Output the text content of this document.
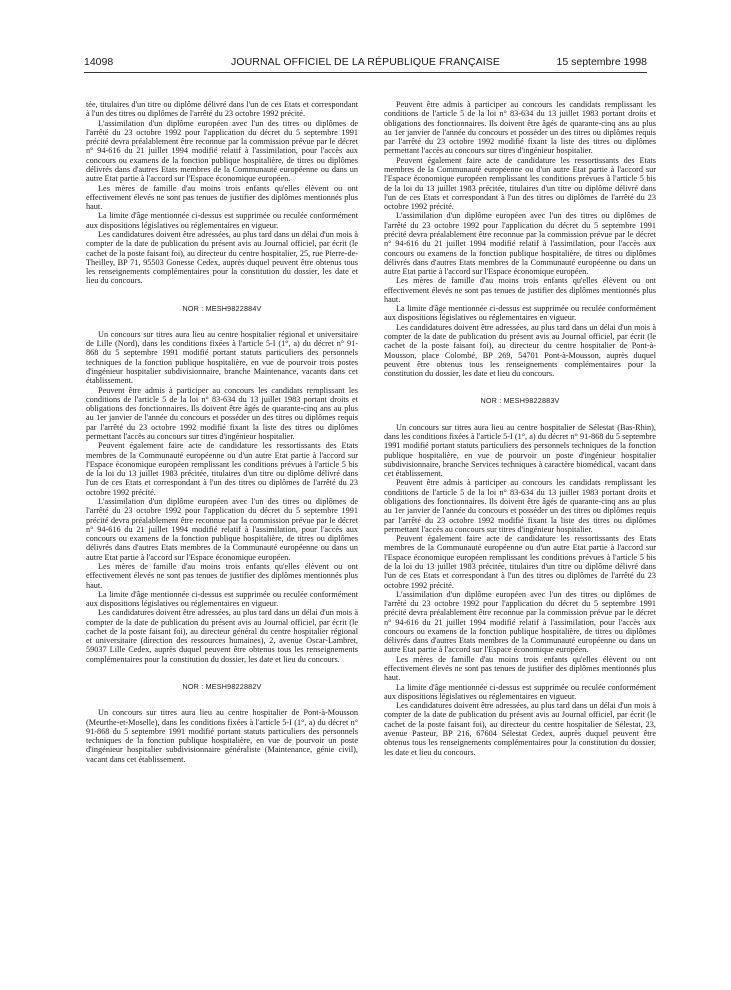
14098	JOURNAL OFFICIEL DE LA RÉPUBLIQUE FRANÇAISE	15 septembre 1998

tée, titulaires d'un titre ou diplôme délivré dans l'un de ces Etats et correspondant à l'un des titres ou diplômes de l'arrêté du 23 octobre 1992 précité.

L'assimilation d'un diplôme européen avec l'un des titres ou diplômes de l'arrêté du 23 octobre 1992 pour l'application du décret du 5 septembre 1991 précité devra préalablement être reconnue par la commission prévue par le décret n° 94-616 du 21 juillet 1994 modifié relatif à l'assimilation, pour l'accès aux concours ou examens de la fonction publique hospitalière, de titres ou diplômes délivrés dans d'autres Etats membres de la Communauté européenne ou dans un autre Etat partie à l'accord sur l'Espace économique européen.

Les mères de famille d'au moins trois enfants qu'elles élèvent ou ont effectivement élevés ne sont pas tenues de justifier des diplômes mentionnés plus haut.

La limite d'âge mentionnée ci-dessus est supprimée ou reculée conformément aux dispositions législatives ou réglementaires en vigueur.

Les candidatures doivent être adressées, au plus tard dans un délai d'un mois à compter de la date de publication du présent avis au Journal officiel, par écrit (le cachet de la poste faisant foi), au directeur du centre hospitalier, 25, rue Pierre-de-Theilley, BP 71, 95503 Gonesse Cedex, auprès duquel peuvent être obtenus tous les renseignements complémentaires pour la constitution du dossier, les date et lieu du concours.

NOR : MESH9822884V

Un concours sur titres aura lieu au centre hospitalier régional et universitaire de Lille (Nord), dans les conditions fixées à l'article 5-I (1°, a) du décret n° 91-868 du 5 septembre 1991 modifié portant statuts particuliers des personnels techniques de la fonction publique hospitalière, en vue de pourvoir trois postes d'ingénieur hospitalier subdivisionnaire, branche Maintenance, vacants dans cet établissement.

Peuvent être admis à participer au concours les candidats remplissant les conditions de l'article 5 de la loi n° 83-634 du 13 juillet 1983 portant droits et obligations des fonctionnaires. Ils doivent être âgés de quarante-cinq ans au plus au 1er janvier de l'année du concours et posséder un des titres ou diplômes requis par l'arrêté du 23 octobre 1992 modifié fixant la liste des titres ou diplômes permettant l'accès au concours sur titres d'ingénieur hospitalier.

Peuvent également faire acte de candidature les ressortissants des Etats membres de la Communauté européenne ou d'un autre Etat partie à l'accord sur l'Espace économique européen remplissant les conditions prévues à l'article 5 bis de la loi du 13 juillet 1983 précitée, titulaires d'un titre ou diplôme délivré dans l'un de ces Etats et correspondant à l'un des titres ou diplômes de l'arrêté du 23 octobre 1992 précité.

L'assimilation d'un diplôme européen avec l'un des titres ou diplômes de l'arrêté du 23 octobre 1992 pour l'application du décret du 5 septembre 1991 précité devra préalablement être reconnue par la commission prévue par le décret n° 94-616 du 21 juillet 1994 modifié relatif à l'assimilation, pour l'accès aux concours ou examens de la fonction publique hospitalière, de titres ou diplômes délivrés dans d'autres Etats membres de la Communauté européenne ou dans un autre Etat partie à l'accord sur l'Espace économique européen.

Les mères de famille d'au moins trois enfants qu'elles élèvent ou ont effectivement élevés ne sont pas tenues de justifier des diplômes mentionnés plus haut.

La limite d'âge mentionnée ci-dessus est supprimée ou reculée conformément aux dispositions législatives ou réglementaires en vigueur.

Les candidatures doivent être adressées, au plus tard dans un délai d'un mois à compter de la date de publication du présent avis au Journal officiel, par écrit (le cachet de la poste faisant foi), au directeur général du centre hospitalier régional et universitaire (direction des ressources humaines), 2, avenue Oscar-Lambret, 59037 Lille Cedex, auprès duquel peuvent être obtenus tous les renseignements complémentaires pour la constitution du dossier, les date et lieu du concours.

NOR : MESH9822882V

Un concours sur titres aura lieu au centre hospitalier de Pont-à-Mousson (Meurthe-et-Moselle), dans les conditions fixées à l'article 5-I (1°, a) du décret n° 91-868 du 5 septembre 1991 modifié portant statuts particuliers des personnels techniques de la fonction publique hospitalière, en vue de pourvoir un poste d'ingénieur hospitalier subdivisionnaire généraliste (Maintenance, génie civil), vacant dans cet établissement.

Peuvent être admis à participer au concours les candidats remplissant les conditions de l'article 5 de la loi n° 83-634 du 13 juillet 1983 portant droits et obligations des fonctionnaires. Ils doivent être âgés de quarante-cinq ans au plus au 1er janvier de l'année du concours et posséder un des titres ou diplômes requis par l'arrêté du 23 octobre 1992 modifié fixant la liste des titres ou diplômes permettant l'accès au concours sur titres d'ingénieur hospitalier.

Peuvent également faire acte de candidature les ressortissants des Etats membres de la Communauté européenne ou d'un autre Etat partie à l'accord sur l'Espace économique européen remplissant les conditions prévues à l'article 5 bis de la loi du 13 juillet 1983 précitée, titulaires d'un titre ou diplôme délivré dans l'un de ces Etats et correspondant à l'un des titres ou diplômes de l'arrêté du 23 octobre 1992 précité.

L'assimilation d'un diplôme européen avec l'un des titres ou diplômes de l'arrêté du 23 octobre 1992 pour l'application du décret du 5 septembre 1991 précité devra préalablement être reconnue par la commission prévue par le décret n° 94-616 du 21 juillet 1994 modifié relatif à l'assimilation, pour l'accès aux concours ou examens de la fonction publique hospitalière, de titres ou diplômes délivrés dans d'autres Etats membres de la Communauté européenne ou dans un autre Etat partie à l'accord sur l'Espace économique européen.

Les mères de famille d'au moins trois enfants qu'elles élèvent ou ont effectivement élevés ne sont pas tenues de justifier des diplômes mentionnés plus haut.

La limite d'âge mentionnée ci-dessus est supprimée ou reculée conformément aux dispositions législatives ou réglementaires en vigueur.

Les candidatures doivent être adressées, au plus tard dans un délai d'un mois à compter de la date de publication du présent avis au Journal officiel, par écrit (le cachet de la poste faisant foi), au directeur du centre hospitalier de Pont-à-Mousson, place Colombé, BP 269, 54701 Pont-à-Mousson, auprès duquel peuvent être obtenus tous les renseignements complémentaires pour la constitution du dossier, les date et lieu du concours.

NOR : MESH9822883V

Un concours sur titres aura lieu au centre hospitalier de Sélestat (Bas-Rhin), dans les conditions fixées à l'article 5-I (1°, a) du décret n° 91-868 du 5 septembre 1991 modifié portant statuts particuliers des personnels techniques de la fonction publique hospitalière, en vue de pourvoir un poste d'ingénieur hospitalier subdivisionnaire, branche Services techniques à caractère biomédical, vacant dans cet établissement.

Peuvent être admis à participer au concours les candidats remplissant les conditions de l'article 5 de la loi n° 83-634 du 13 juillet 1983 portant droits et obligations des fonctionnaires. Ils doivent être âgés de quarante-cinq ans au plus au 1er janvier de l'année du concours et posséder un des titres ou diplômes requis par l'arrêté du 23 octobre 1992 modifié fixant la liste des titres ou diplômes permettant l'accès au concours sur titres d'ingénieur hospitalier.

Peuvent également faire acte de candidature les ressortissants des Etats membres de la Communauté européenne ou d'un autre Etat partie à l'accord sur l'Espace économique européen remplissant les conditions prévues à l'article 5 bis de la loi du 13 juillet 1983 précitée, titulaires d'un titre ou diplôme délivré dans l'un de ces Etats et correspondant à l'un des titres ou diplômes de l'arrêté du 23 octobre 1992 précité.

L'assimilation d'un diplôme européen avec l'un des titres ou diplômes de l'arrêté du 23 octobre 1992 pour l'application du décret du 5 septembre 1991 précité devra préalablement être reconnue par la commission prévue par le décret n° 94-616 du 21 juillet 1994 modifié relatif à l'assimilation, pour l'accès aux concours ou examens de la fonction publique hospitalière, de titres ou diplômes délivrés dans d'autres Etats membres de la Communauté européenne ou dans un autre Etat partie à l'accord sur l'Espace économique européen.

Les mères de famille d'au moins trois enfants qu'elles élèvent ou ont effectivement élevés ne sont pas tenues de justifier des diplômes mentionnés plus haut.

La limite d'âge mentionnée ci-dessus est supprimée ou reculée conformément aux dispositions législatives ou réglementaires en vigueur.

Les candidatures doivent être adressées, au plus tard dans un délai d'un mois à compter de la date de publication du présent avis au Journal officiel, par écrit (le cachet de la poste faisant foi), au directeur du centre hospitalier de Sélestat, 23, avenue Pasteur, BP 216, 67604 Sélestat Cedex, auprès duquel peuvent être obtenus tous les renseignements complémentaires pour la constitution du dossier, les date et lieu du concours.
